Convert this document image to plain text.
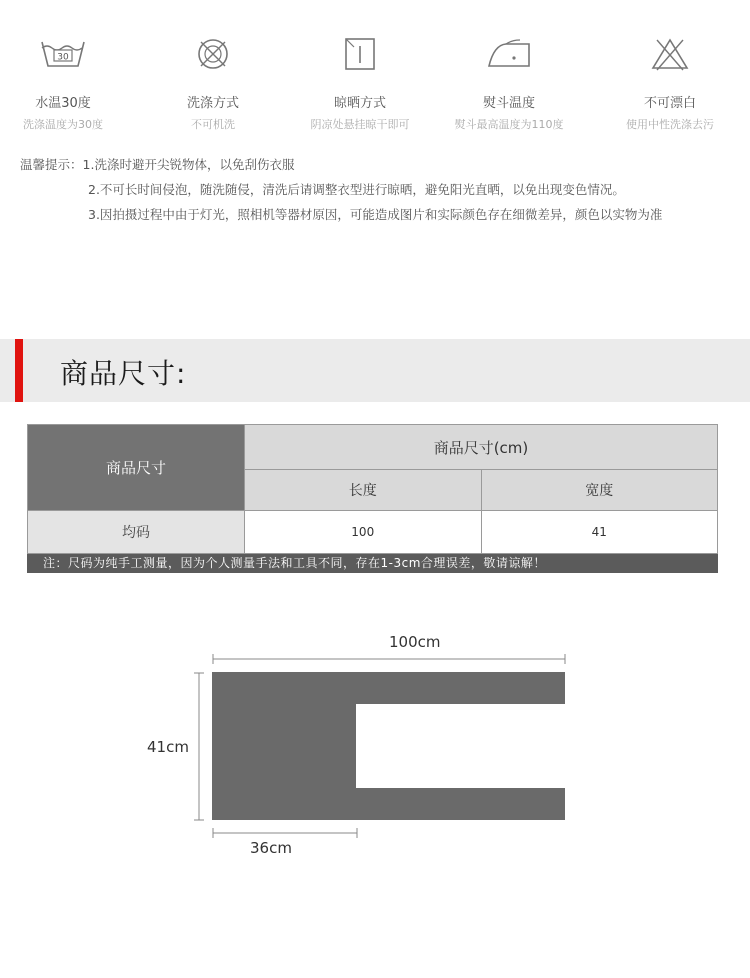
30
水温30度
洗涤温度为30度
洗涤方式
不可机洗
晾晒方式
阴凉处悬挂晾干即可
熨斗温度
熨斗最高温度为110度
不可漂白
使用中性洗涤去污
温馨提示：1.洗涤时避开尖锐物体，以免刮伤衣服
2.不可长时间侵泡，随洗随侵，清洗后请调整衣型进行晾晒，避免阳光直晒，以免出现变色情况。
3.因拍摄过程中由于灯光，照相机等器材原因，可能造成图片和实际颜色存在细微差异，颜色以实物为准
商品尺寸:
商品尺寸	商品尺寸(cm)	
	长度	宽度
均码	100	41
注：尺码为纯手工测量，因为个人测量手法和工具不同，存在1-3cm合理误差，敬请谅解！
100cm
41cm
36cm
